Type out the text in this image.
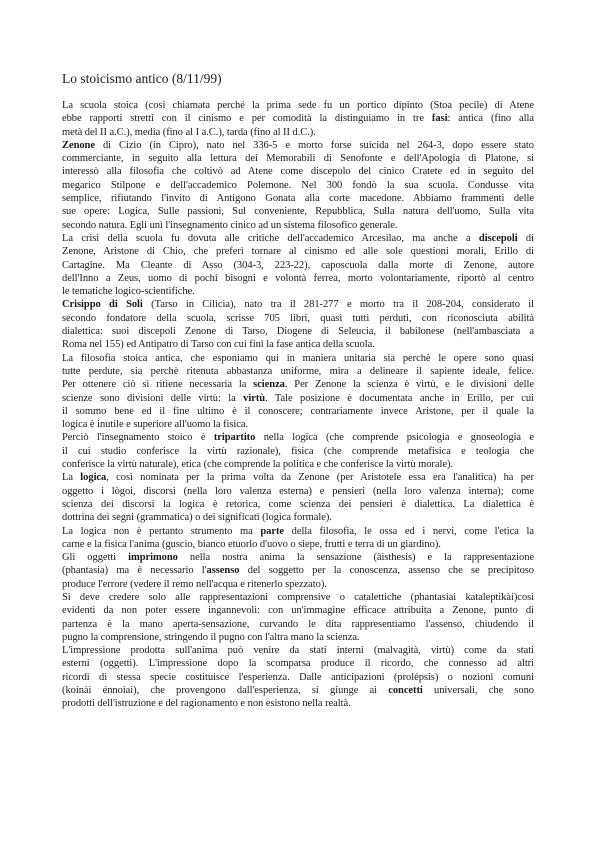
Lo stoicismo antico (8/11/99)
La scuola stoica (così chiamata perché la prima sede fu un portico dipinto (Stoa pecile) di Atene
ebbe rapporti stretti con il cinismo e per comodità la distinguiamo in tre fasi: antica (fino alla
metà del II a.C.), media (fino al I a.C.), tarda (fino al II d.C.).
Zenone di Cizio (in Cipro), nato nel 336-5 e morto forse suicida nel 264-3, dopo essere stato
commerciante, in seguito alla lettura dei Memorabili di Senofonte e dell'Apologia di Platone, si
interessò alla filosofia che coltivò ad Atene come discepolo del cinico Cratete ed in seguito del
megarico Stilpone e dell'accademico Polemone. Nel 300 fondò la sua scuola. Condusse vita
semplice, rifiutando l'invito di Antigono Gonata alla corte macedone. Abbiamo frammenti delle
sue opere: Logica, Sulle passioni, Sul conveniente, Repubblica, Sulla natura dell'uomo, Sulla vita
secondo natura. Egli unì l'insegnamento cinico ad un sistema filosofico generale.
La crisi della scuola fu dovuta alle critiche dell'accademico Arcesilao, ma anche a discepoli di
Zenone, Aristone di Chio, che preferì tornare al cinismo ed alle sole questioni morali, Erillo di
Cartagine. Ma Cleante di Asso (304-3, 223-22), caposcuola dalla morte di Zenone, autore
dell'Inno a Zeus, uomo di pochi bisogni e volontà ferrea, morto volontariamente, riportò al centro
le tematiche logico-scientifiche.
Crisippo di Soli (Tarso in Cilicia), nato tra il 281-277 e morto tra il 208-204, considerato il
secondo fondatore della scuola, scrisse 705 libri, quasi tutti perduti, con riconosciuta abilità
dialettica: suoi discepoli Zenone di Tarso, Diogene di Seleucia, il babilonese (nell'ambasciata a
Roma nel 155) ed Antipatro di Tarso con cui finì la fase antica della scuola.
La filosofia stoica antica, che esponiamo qui in maniera unitaria sia perchè le opere sono quasi
tutte perdute, sia perchè ritenuta abbastanza uniforme, mira a delineare il sapiente ideale, felice.
Per ottenere ciò si ritiene necessaria la scienza. Per Zenone la scienza è virtù, e le divisioni delle
scienze sono divisioni delle virtù: la virtù. Tale posizione è documentata anche in Erillo, per cui
il sommo bene ed il fine ultimo è il conoscere; contrariamente invece Aristone, per il quale la
logica è inutile e superiore all'uomo la fisica.
Perciò l'insegnamento stoico è tripartito nella logica (che comprende psicologia e gnoseologia e
il cui studio conferisce la virtù razionale), fisica (che comprende metafisica e teologia che
conferisce la virtù naturale), etica (che comprende la politica e che conferisce la virtù morale).
La logica, così nominata per la prima volta da Zenone (per Aristotele essa era l'analitica) ha per
oggetto i lògoi, discorsi (nella loro valenza esterna) e pensieri (nella loro valenza interna); come
scienza dei discorsi la logica è retorica, come scienza dei pensieri è dialettica. La dialettica è
dottrina dei segni (grammatica) o dei significati (logica formale).
La logica non è pertanto strumento ma parte della filosofia, le ossa ed i nervi, come l'etica la
carne e la fisica l'anima (guscio, bianco etuorlo d'uovo o siepe, frutti e terra di un giardino).
Gli oggetti imprimono nella nostra anima la sensazione (àisthesis) e la rappresentazione
(phantasia) ma è necessario l'assenso del soggetto per la conoscenza, assenso che se precipitoso
produce l'errore (vedere il remo nell'acqua e ritenerlo spezzato).
Si deve credere solo alle rappresentazioni comprensive o catalettiche (phantasiai kataleptikài)così
evidenti da non poter essere ingannevoli: con un'immagine efficace attribuita a Zenone, punto di
partenza è la mano aperta-sensazione, curvando le dita rappresentiamo l'assenso, chiudendo il
pugno la comprensione, stringendo il pugno con l'altra mano la scienza.
L'impressione prodotta sull'anima può venire da stati interni (malvagità, virtù) come da stati
esterni (oggetti). L'impressione dopo la scomparsa produce il ricordo, che connesso ad altri
ricordi di stessa specie costituisce l'esperienza. Dalle anticipazioni (prolépsis) o nozioni comuni
(koinài énnoiai), che provengono dall'esperienza, si giunge ai concetti universali, che sono
prodotti dell'istruzione e del ragionamento e non esistono nella realtà.
